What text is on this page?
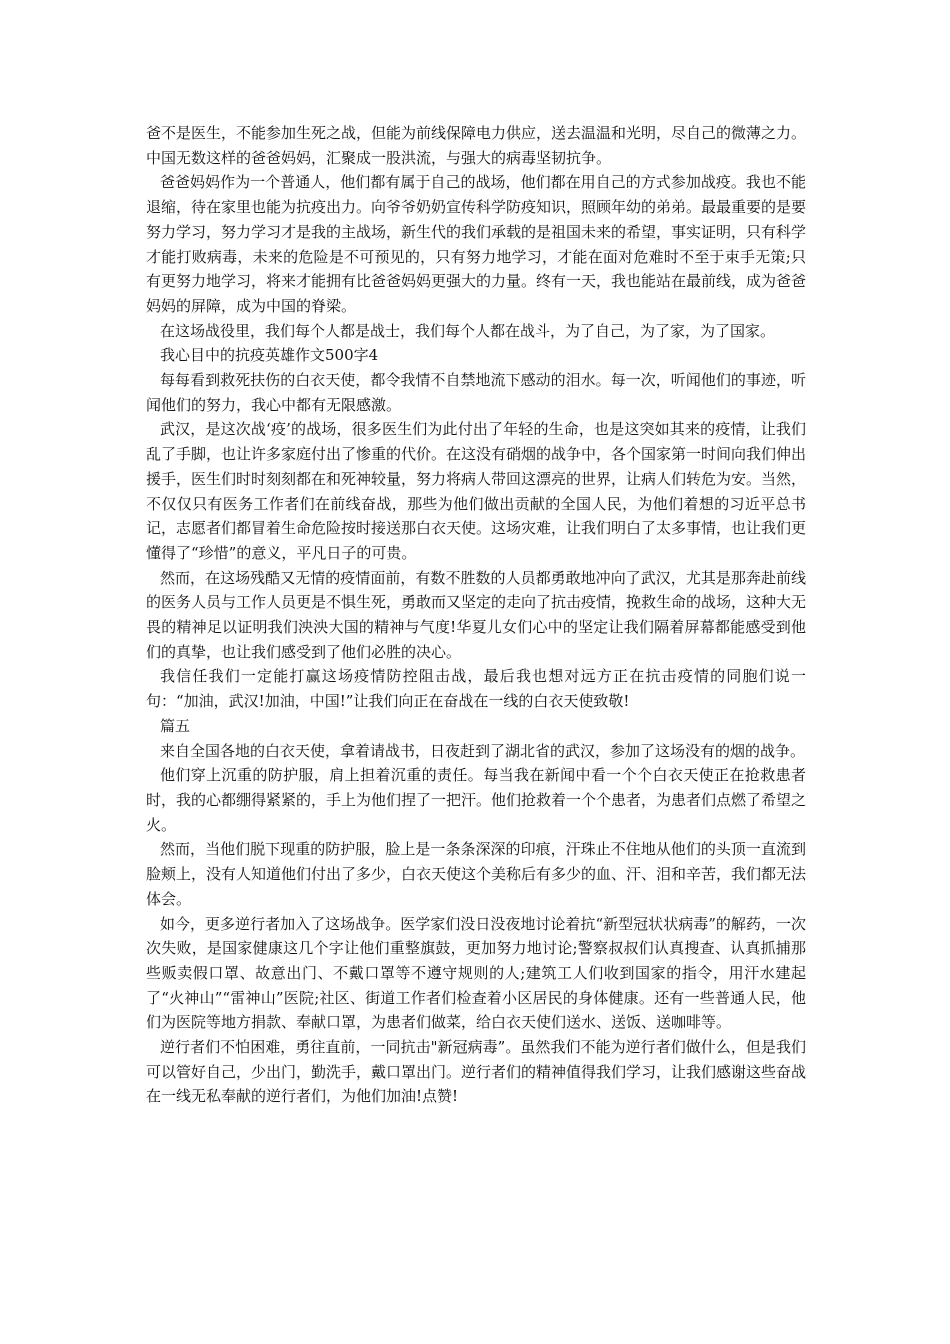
爸不是医生，不能参加生死之战，但能为前线保障电力供应，送去温温和光明，尽自己的微薄之力。中国无数这样的爸爸妈妈，汇聚成一股洪流，与强大的病毒坚韧抗争。

爸爸妈妈作为一个普通人，他们都有属于自己的战场，他们都在用自己的方式参加战疫。我也不能退缩，待在家里也能为抗疫出力。向爷爷奶奶宣传科学防疫知识，照顾年幼的弟弟。最最重要的是要努力学习，努力学习才是我的主战场，新生代的我们承载的是祖国未来的希望，事实证明，只有科学才能打败病毒，未来的危险是不可预见的，只有努力地学习，才能在面对危难时不至于束手无策;只有更努力地学习，将来才能拥有比爸爸妈妈更强大的力量。终有一天，我也能站在最前线，成为爸爸妈妈的屏障，成为中国的脊梁。

在这场战役里，我们每个人都是战士，我们每个人都在战斗，为了自己，为了家，为了国家。

我心目中的抗疫英雄作文500字4

每每看到救死扶伤的白衣天使，都令我情不自禁地流下感动的泪水。每一次，听闻他们的事迹，听闻他们的努力，我心中都有无限感激。

武汉，是这次战‘疫’的战场，很多医生们为此付出了年轻的生命，也是这突如其来的疫情，让我们乱了手脚，也让许多家庭付出了惨重的代价。在这没有硝烟的战争中，各个国家第一时间向我们伸出援手，医生们时时刻刻都在和死神较量，努力将病人带回这漂亮的世界，让病人们转危为安。当然，不仅仅只有医务工作者们在前线奋战，那些为他们做出贡献的全国人民，为他们着想的习近平总书记，志愿者们都冒着生命危险按时接送那白衣天使。这场灾难，让我们明白了太多事情，也让我们更懂得了“珍惜”的意义，平凡日子的可贵。

然而，在这场残酷又无情的疫情面前，有数不胜数的人员都勇敢地冲向了武汉，尤其是那奔赴前线的医务人员与工作人员更是不惧生死，勇敢而又坚定的走向了抗击疫情，挽救生命的战场，这种大无畏的精神足以证明我们泱泱大国的精神与气度!华夏儿女们心中的坚定让我们隔着屏幕都能感受到他们的真挚，也让我们感受到了他们必胜的决心。

我信任我们一定能打赢这场疫情防控阻击战，最后我也想对远方正在抗击疫情的同胞们说一句：“加油，武汉!加油，中国!”让我们向正在奋战在一线的白衣天使致敬!

篇五

来自全国各地的白衣天使，拿着请战书，日夜赶到了湖北省的武汉，参加了这场没有的烟的战争。

他们穿上沉重的防护服，肩上担着沉重的责任。每当我在新闻中看一个个白衣天使正在抢救患者时，我的心都绷得紧紧的，手上为他们捏了一把汗。他们抢救着一个个患者，为患者们点燃了希望之火。

然而，当他们脱下现重的防护服，脸上是一条条深深的印痕，汗珠止不住地从他们的头顶一直流到脸颊上，没有人知道他们付出了多少，白衣天使这个美称后有多少的血、汗、泪和辛苦，我们都无法体会。

如今，更多逆行者加入了这场战争。医学家们没日没夜地讨论着抗“新型冠状状病毒”的解药，一次次失败，是国家健康这几个字让他们重整旗鼓，更加努力地讨论;警察叔叔们认真搜查、认真抓捕那些贩卖假口罩、故意出门、不戴口罩等不遵守规则的人;建筑工人们收到国家的指令，用汗水建起了“火神山”“雷神山”医院;社区、街道工作者们检查着小区居民的身体健康。还有一些普通人民，他们为医院等地方捐款、奉献口罩，为患者们做菜，给白衣天使们送水、送饭、送咖啡等。

逆行者们不怕困难，勇往直前，一同抗击"新冠病毒”。虽然我们不能为逆行者们做什么，但是我们可以管好自己，少出门，勤洗手，戴口罩出门。逆行者们的精神值得我们学习，让我们感谢这些奋战在一线无私奉献的逆行者们，为他们加油!点赞!
